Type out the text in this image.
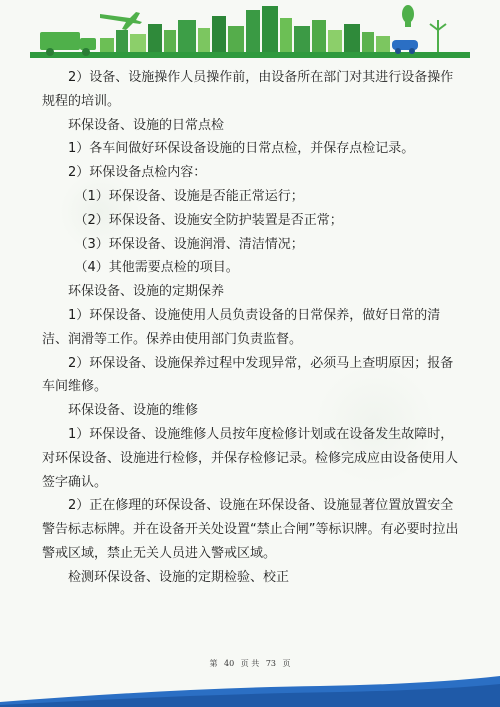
2）设备、设施操作人员操作前，由设备所在部门对其进行设备操作规程的培训。

环保设备、设施的日常点检

1）各车间做好环保设备设施的日常点检，并保存点检记录。

2）环保设备点检内容：

（1）环保设备、设施是否能正常运行；

（2）环保设备、设施安全防护装置是否正常；

（3）环保设备、设施润滑、清洁情况；

（4）其他需要点检的项目。

环保设备、设施的定期保养

1）环保设备、设施使用人员负责设备的日常保养，做好日常的清洁、润滑等工作。保养由使用部门负责监督。

2）环保设备、设施保养过程中发现异常，必须马上查明原因；报备车间维修。

环保设备、设施的维修

1）环保设备、设施维修人员按年度检修计划或在设备发生故障时，对环保设备、设施进行检修，并保存检修记录。检修完成应由设备使用人签字确认。

2）正在修理的环保设备、设施在环保设备、设施显著位置放置安全警告标志标牌。并在设备开关处设置“禁止合闸”等标识牌。有必要时拉出警戒区域，禁止无关人员进入警戒区域。

检测环保设备、设施的定期检验、校正

第 40 页 共 73 页
